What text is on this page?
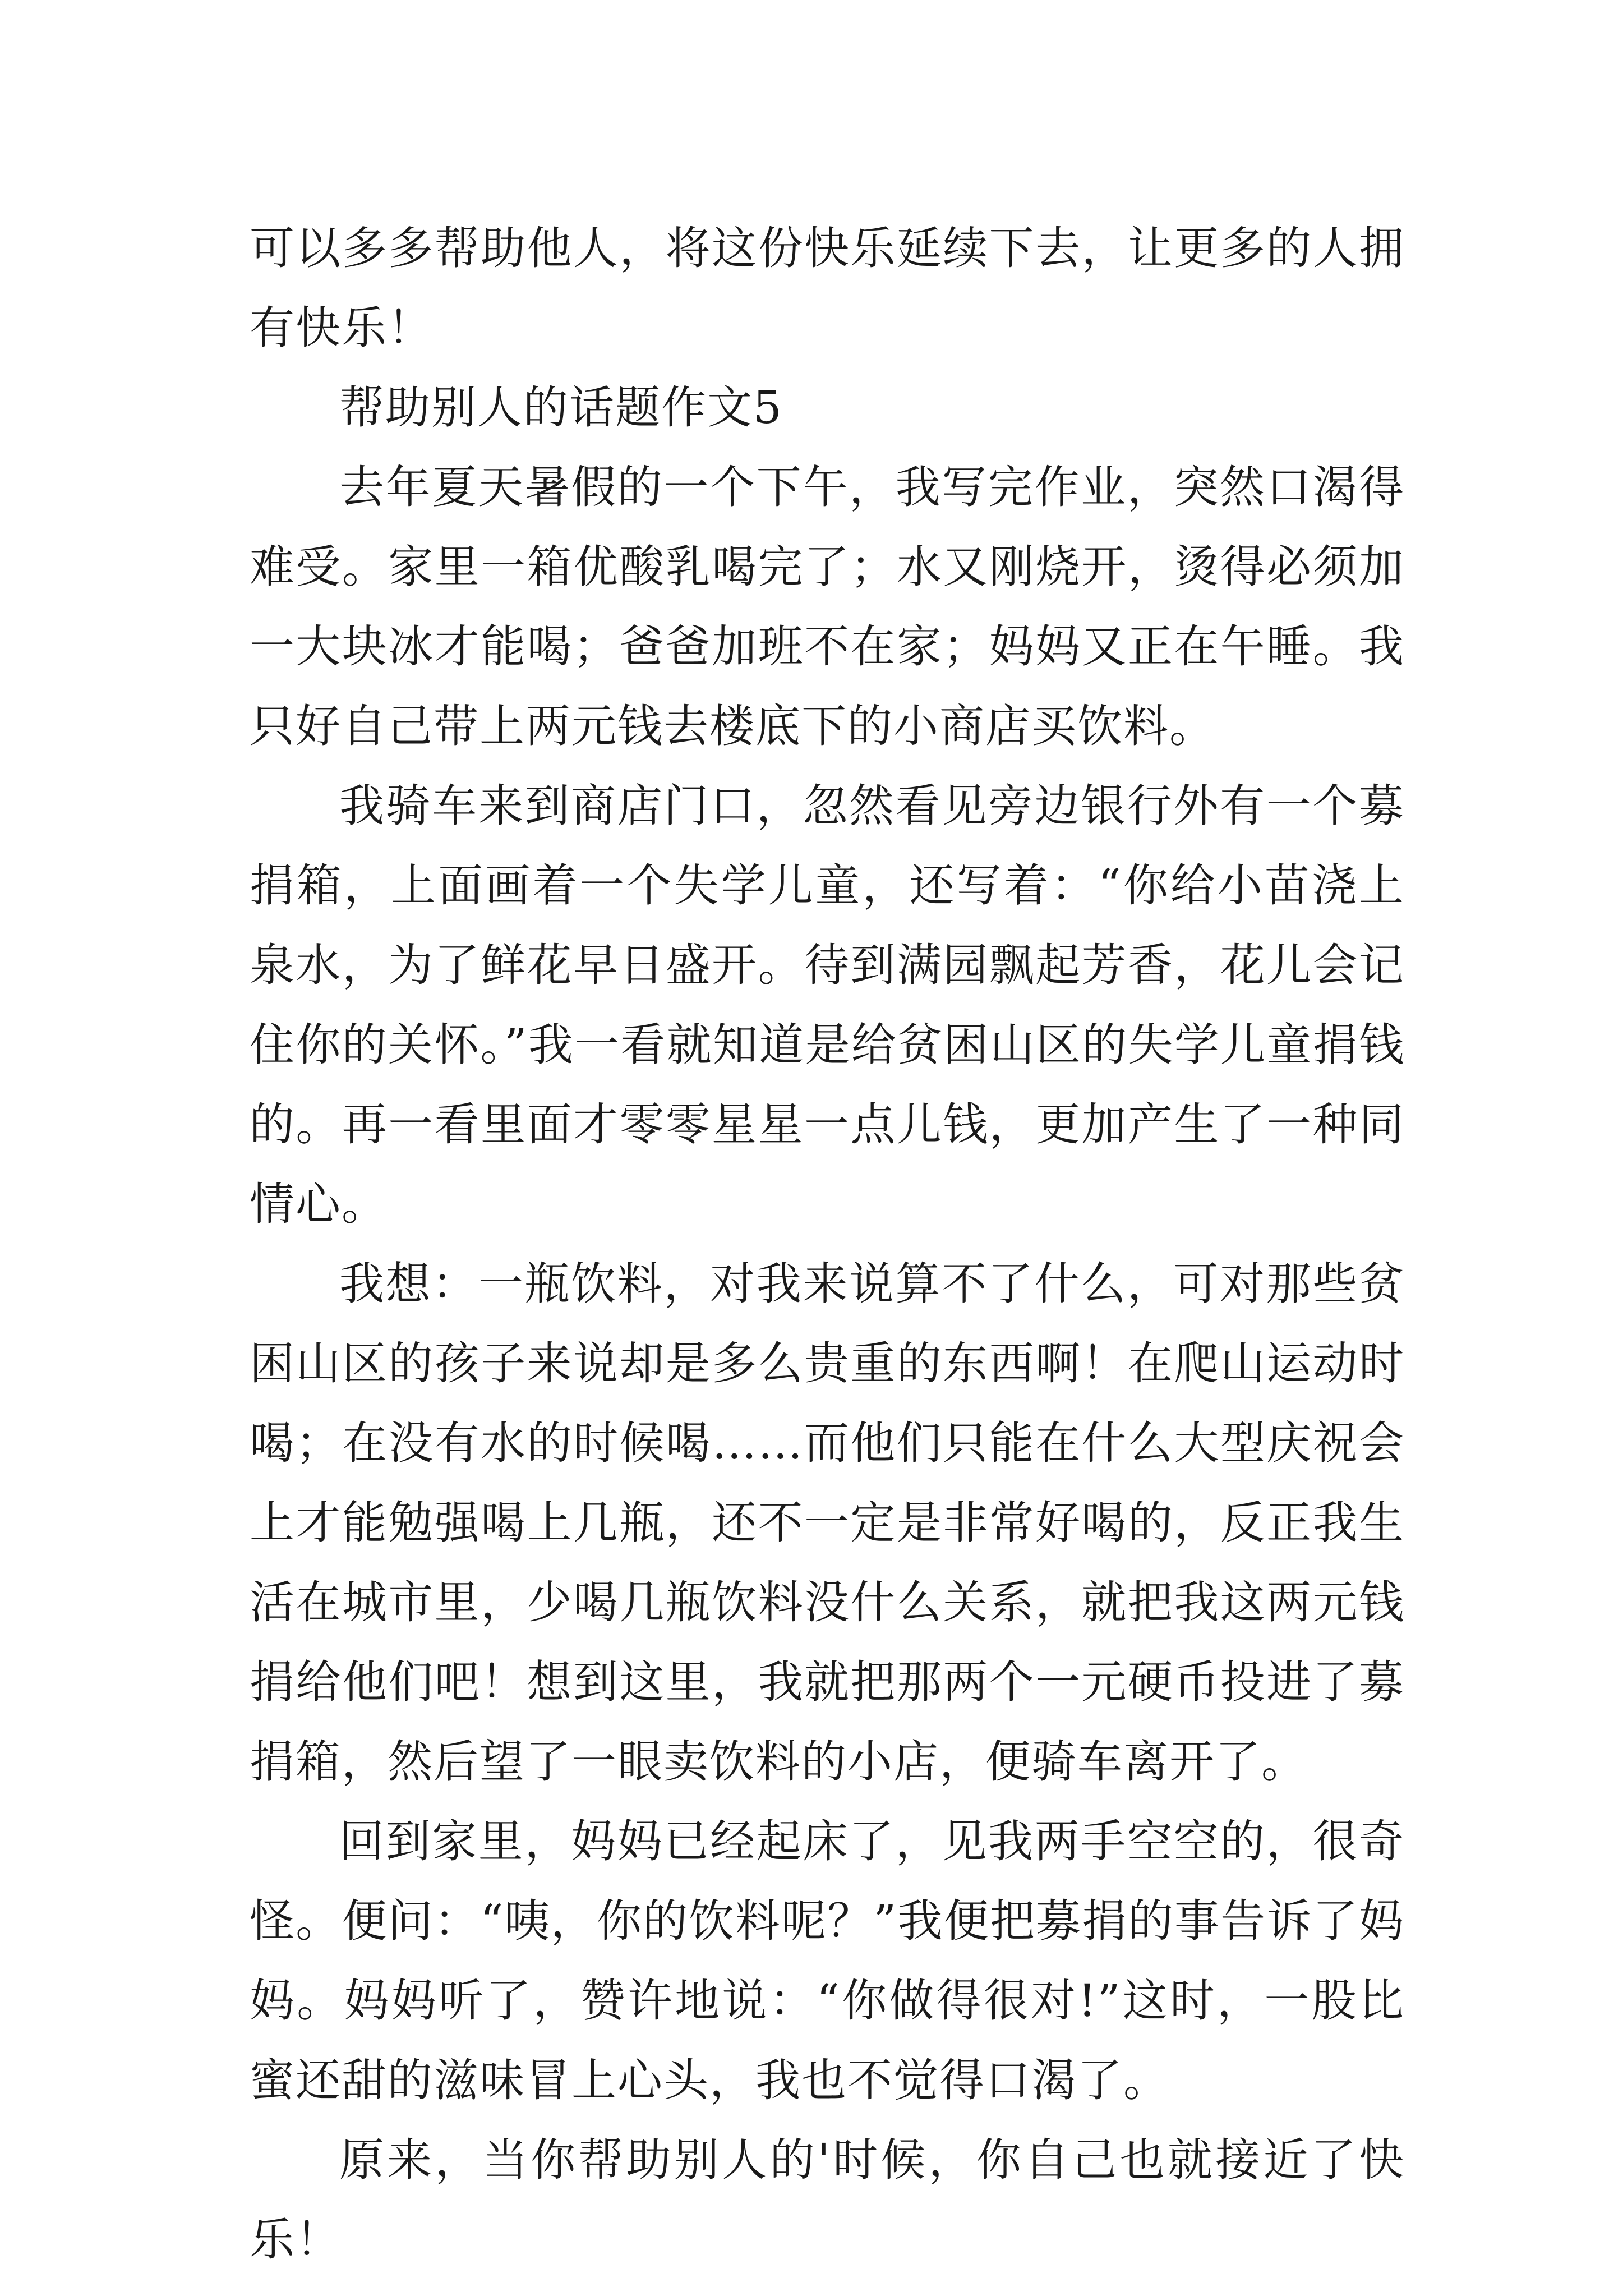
可以多多帮助他人，将这份快乐延续下去，让更多的人拥有快乐！

帮助别人的话题作文5

去年夏天暑假的一个下午，我写完作业，突然口渴得难受。家里一箱优酸乳喝完了；水又刚烧开，烫得必须加一大块冰才能喝；爸爸加班不在家；妈妈又正在午睡。我只好自己带上两元钱去楼底下的小商店买饮料。

我骑车来到商店门口，忽然看见旁边银行外有一个募捐箱，上面画着一个失学儿童，还写着：“你给小苗浇上泉水，为了鲜花早日盛开。待到满园飘起芳香，花儿会记住你的关怀。”我一看就知道是给贫困山区的失学儿童捐钱的。再一看里面才零零星星一点儿钱，更加产生了一种同情心。

我想：一瓶饮料，对我来说算不了什么，可对那些贫困山区的孩子来说却是多么贵重的东西啊！在爬山运动时喝；在没有水的时候喝……而他们只能在什么大型庆祝会上才能勉强喝上几瓶，还不一定是非常好喝的，反正我生活在城市里，少喝几瓶饮料没什么关系，就把我这两元钱捐给他们吧！想到这里，我就把那两个一元硬币投进了募捐箱，然后望了一眼卖饮料的小店，便骑车离开了。

回到家里，妈妈已经起床了，见我两手空空的，很奇怪。便问：“咦，你的饮料呢？”我便把募捐的事告诉了妈妈。妈妈听了，赞许地说：“你做得很对!”这时，一股比蜜还甜的滋味冒上心头，我也不觉得口渴了。

原来，当你帮助别人的'时候，你自己也就接近了快乐！
